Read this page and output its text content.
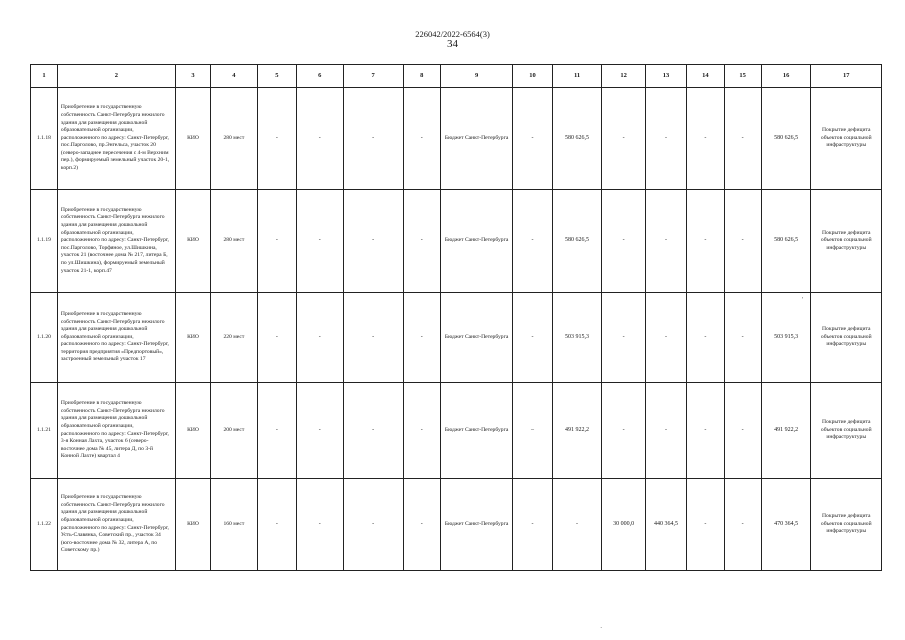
226042/2022-6564(3)
34
1	2	3	4	5	6	7	8	9	10	11	12	13	14	15	16	17
1.1.18	Приобретение в государственную собственность Санкт-Петербурга нежилого здания для размещения дошкольной образовательной организации, расположенного по адресу: Санкт-Петербург, пос.Парголово, пр.Энгельса, участок 20 (северо-западнее пересечения с 4-м Верхним пер.), формируемый земельный участок 20-1, корп.2)	КИО	280 мест	-	-	-	-	Бюджет Санкт-Петербурга	-	580 626,5	-	-	-	-	580 626,5	Покрытие дефицита объектов социальной инфраструктуры
1.1.19	Приобретение в государственную собственность Санкт-Петербурга нежилого здания для размещения дошкольной образовательной организации, расположенного по адресу: Санкт-Петербург, пос.Парголово, Торфяное, ул.Шишкина, участок 21 (восточнее дома № 217, литера Б, по ул.Шишкина), формируемый земельный участок 21-1, корп.47	КИО	280 мест	-	-	-	-	Бюджет Санкт-Петербурга	-	580 626,5	-	-	-	-	580 626,5	Покрытие дефицита объектов социальной инфраструктуры
1.1.20	Приобретение в государственную собственность Санкт-Петербурга нежилого здания для размещения дошкольной образовательной организации, расположенного по адресу: Санкт-Петербург, территория предприятия «Предпортовый», застроенный земельный участок 17	КИО	220 мест	-	-	-	-	Бюджет Санкт-Петербурга	-	503 915,3	-	-	-	-	503 915,3	Покрытие дефицита объектов социальной инфраструктуры
1.1.21	Приобретение в государственную собственность Санкт-Петербурга нежилого здания для размещения дошкольной образовательной организации, расположенного по адресу: Санкт-Петербург, 3-я Конная Лахта, участок 6 (северо-восточнее дома № 45, литера Д, по 3-й Конной Лахте) квартал 4	КИО	200 мест	-	-	-	-	Бюджет Санкт-Петербурга	–	491 922,2	-	-	-	-	491 922,2	Покрытие дефицита объектов социальной инфраструктуры
1.1.22	Приобретение в государственную собственность Санкт-Петербурга нежилого здания для размещения дошкольной образовательной организации, расположенного по адресу: Санкт-Петербург, Усть-Славянка, Советский пр., участок 34 (юго-восточнее дома № 32, литера А, по Советскому пр.)	КИО	160 мест	-	-	-	-	Бюджет Санкт-Петербурга	-	-	30 000,0	440 364,5	-	-	470 364,5	Покрытие дефицита объектов социальной инфраструктуры
·
'
